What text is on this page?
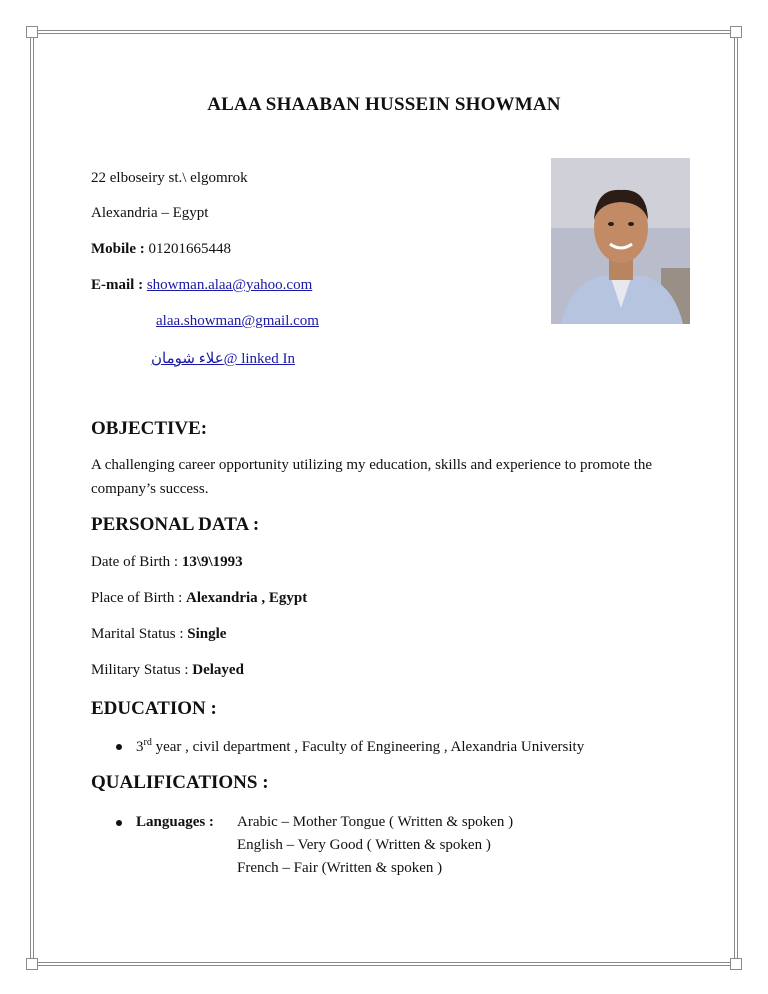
ALAA SHAABAN HUSSEIN SHOWMAN
22 elboseiry st.\ elgomrok
Alexandria – Egypt
Mobile : 01201665448
E-mail : showman.alaa@yahoo.com
alaa.showman@gmail.com
علاء شومان@ linked In
OBJECTIVE:
A challenging career opportunity utilizing my education, skills and experience to promote the company’s success.
PERSONAL DATA :
Date of Birth : 13\9\1993
Place of Birth : Alexandria , Egypt
Marital Status : Single
Military Status : Delayed
EDUCATION :
3rd year , civil department , Faculty of Engineering , Alexandria University
QUALIFICATIONS :
Languages : Arabic – Mother Tongue ( Written & spoken )
English – Very Good ( Written & spoken )
French – Fair (Written & spoken )
